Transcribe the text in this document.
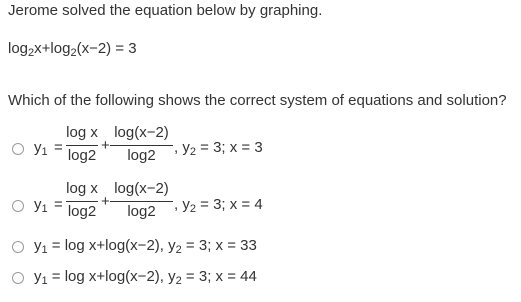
Jerome solved the equation below by graphing.
$\log_2x+\log_2(x-2) = 3$
Which of the following shows the correct system of equations and solution?
$y_1$ =
log x
log2
+
log(x−2)
log2	, $y_2 = 3$; x = 3
$y_1$ =
log x
log2
+
log(x−2)
log2	, $y_2 = 3$; x = 4
$y_1 = \log x+\log(x-2)$, $y_2 = 3$; x = 33
$y_1 = \log x+\log(x-2)$, $y_2 = 3$; x = 44
